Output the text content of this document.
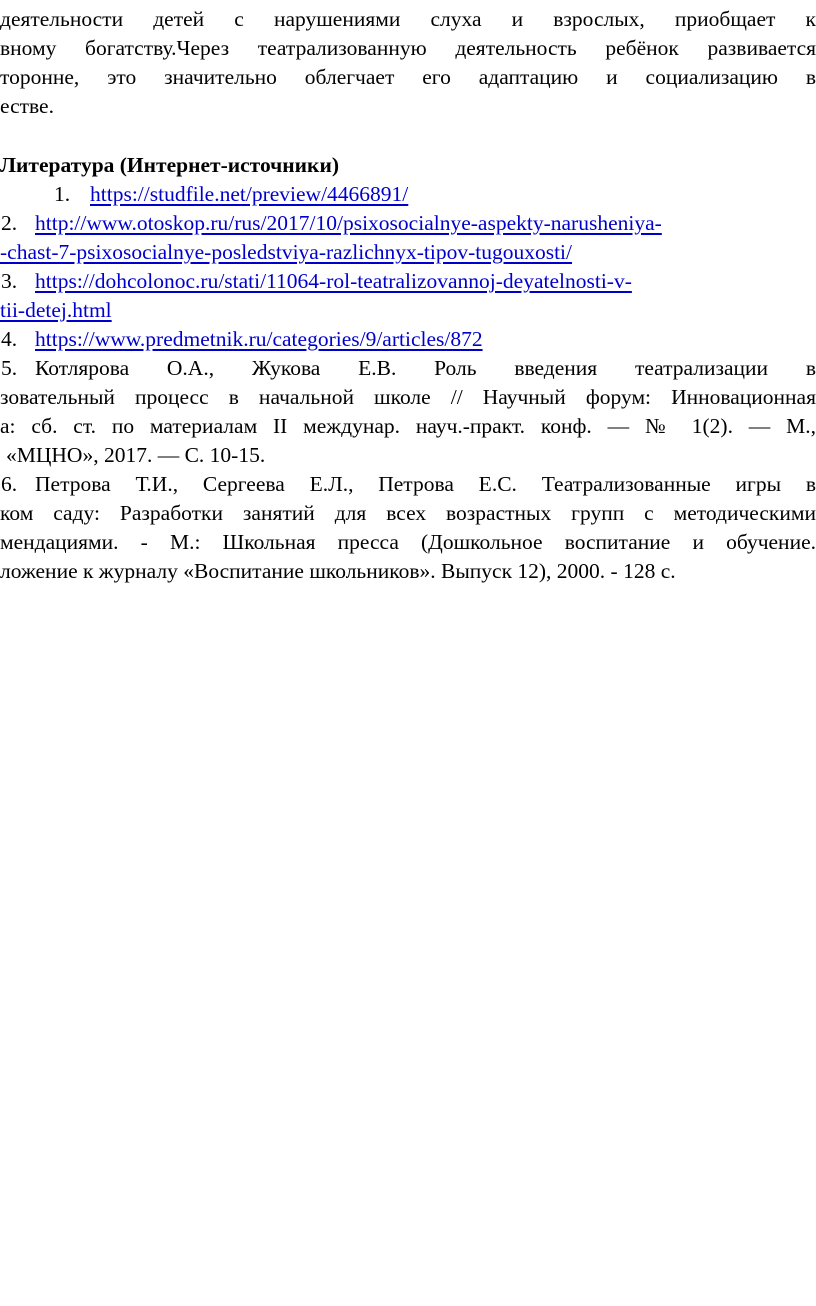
деятельности детей с нарушениями слуха и взрослых, приобщает к
вному богатству.Через театрализованную деятельность ребёнок развивается
торонне, это значительно облегчает его адаптацию и социализацию в
естве.
Литература (Интернет-источники)
1. https://studfile.net/preview/4466891/
2. http://www.otoskop.ru/rus/2017/10/psixosocialnye-aspekty-narusheniya-
-chast-7-psixosocialnye-posledstviya-razlichnyx-tipov-tugouxosti/
3. https://dohcolonoc.ru/stati/11064-rol-teatralizovannoj-deyatelnosti-v-
tii-detej.html
4. https://www.predmetnik.ru/categories/9/articles/872
5. Котлярова О.А., Жукова Е.В. Роль введения театрализации в
зовательный процесс в начальной школе // Научный форум: Инновационная
а: сб. ст. по материалам II междунар. науч.-практ. конф. — № 1(2). — М.,
«МЦНО», 2017. — С. 10-15.
6. Петрова Т.И., Сергеева Е.Л., Петрова Е.С. Театрализованные игры в
ком саду: Разработки занятий для всех возрастных групп с методическими
мендациями. - М.: Школьная пресса (Дошкольное воспитание и обучение.
ложение к журналу «Воспитание школьников». Выпуск 12), 2000. - 128 с.
